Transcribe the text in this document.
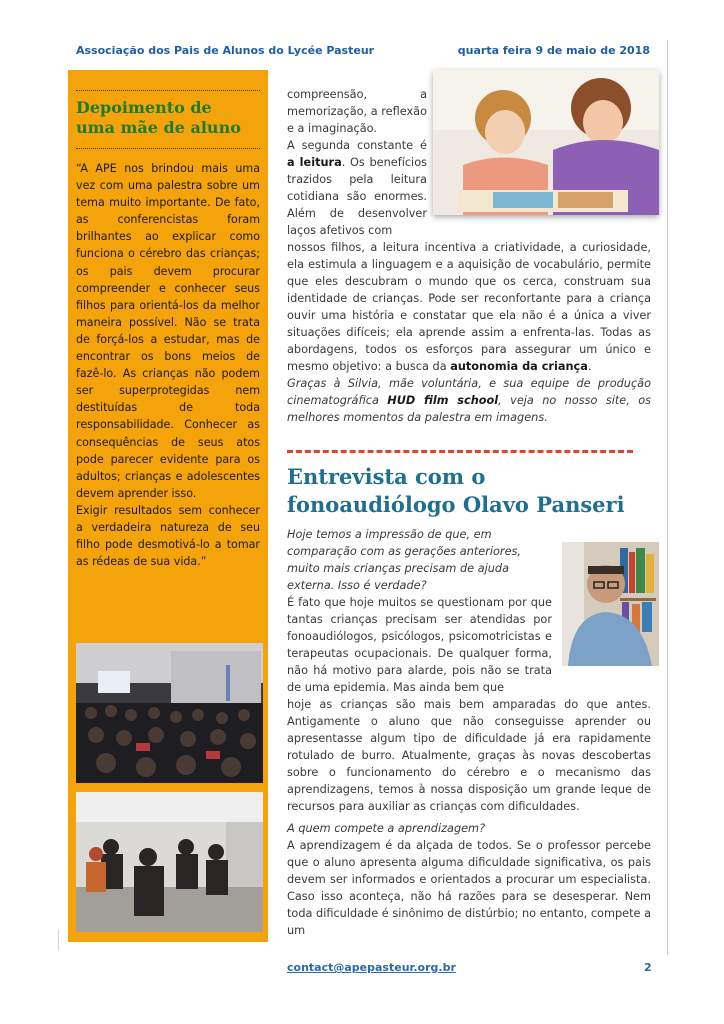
Associação dos Pais de Alunos do Lycée Pasteur	quarta feira 9 de maio de 2018
Depoimento de uma mãe de aluno
“A APE nos brindou mais uma vez com uma palestra sobre um tema muito importante. De fato, as conferencistas foram brilhantes ao explicar como funciona o cérebro das crianças; os pais devem procurar compreender e conhecer seus filhos para orientá-los da melhor maneira possível. Não se trata de forçá-los a estudar, mas de encontrar os bons meios de fazê-lo. As crianças não podem ser superprotegidas nem destituídas de toda responsabilidade. Conhecer as consequências de seus atos pode parecer evidente para os adultos; crianças e adolescentes devem aprender isso.
Exigir resultados sem conhecer a verdadeira natureza de seu filho pode desmotivá-lo a tomar as rédeas de sua vida.”
compreensão, a memorização, a reflexão e a imaginação.
A segunda constante é a leitura. Os benefícios trazidos pela leitura cotidiana são enormes. Além de desenvolver laços afetivos com
nossos filhos, a leitura incentiva a criatividade, a curiosidade, ela estimula a linguagem e a aquisição de vocabulário, permite que eles descubram o mundo que os cerca, construam sua identidade de crianças. Pode ser reconfortante para a criança ouvir uma história e constatar que ela não é a única a viver situações difíceis; ela aprende assim a enfrenta-las. Todas as abordagens, todos os esforços para assegurar um único e mesmo objetivo: a busca da autonomia da criança.
Graças à Silvia, mãe voluntária, e sua equipe de produção cinematográfica HUD film school, veja no nosso site, os melhores momentos da palestra em imagens.
Entrevista com o fonoaudiólogo Olavo Panseri
Hoje temos a impressão de que, em comparação com as gerações anteriores, muito mais crianças precisam de ajuda externa. Isso é verdade?
É fato que hoje muitos se questionam por que tantas crianças precisam ser atendidas por fonoaudiólogos, psicólogos, psicomotricistas e terapeutas ocupacionais. De qualquer forma, não há motivo para alarde, pois não se trata de uma epidemia. Mas ainda bem que
hoje as crianças são mais bem amparadas do que antes. Antigamente o aluno que não conseguisse aprender ou apresentasse algum tipo de dificuldade já era rapidamente rotulado de burro. Atualmente, graças às novas descobertas sobre o funcionamento do cérebro e o mecanismo das aprendizagens, temos à nossa disposição um grande leque de recursos para auxiliar as crianças com dificuldades.
A quem compete a aprendizagem?
A aprendizagem é da alçada de todos. Se o professor percebe que o aluno apresenta alguma dificuldade significativa, os pais devem ser informados e orientados a procurar um especialista. Caso isso aconteça, não há razões para se desesperar. Nem toda dificuldade é sinônimo de distúrbio; no entanto, compete a um
contact@apepasteur.org.br	2
